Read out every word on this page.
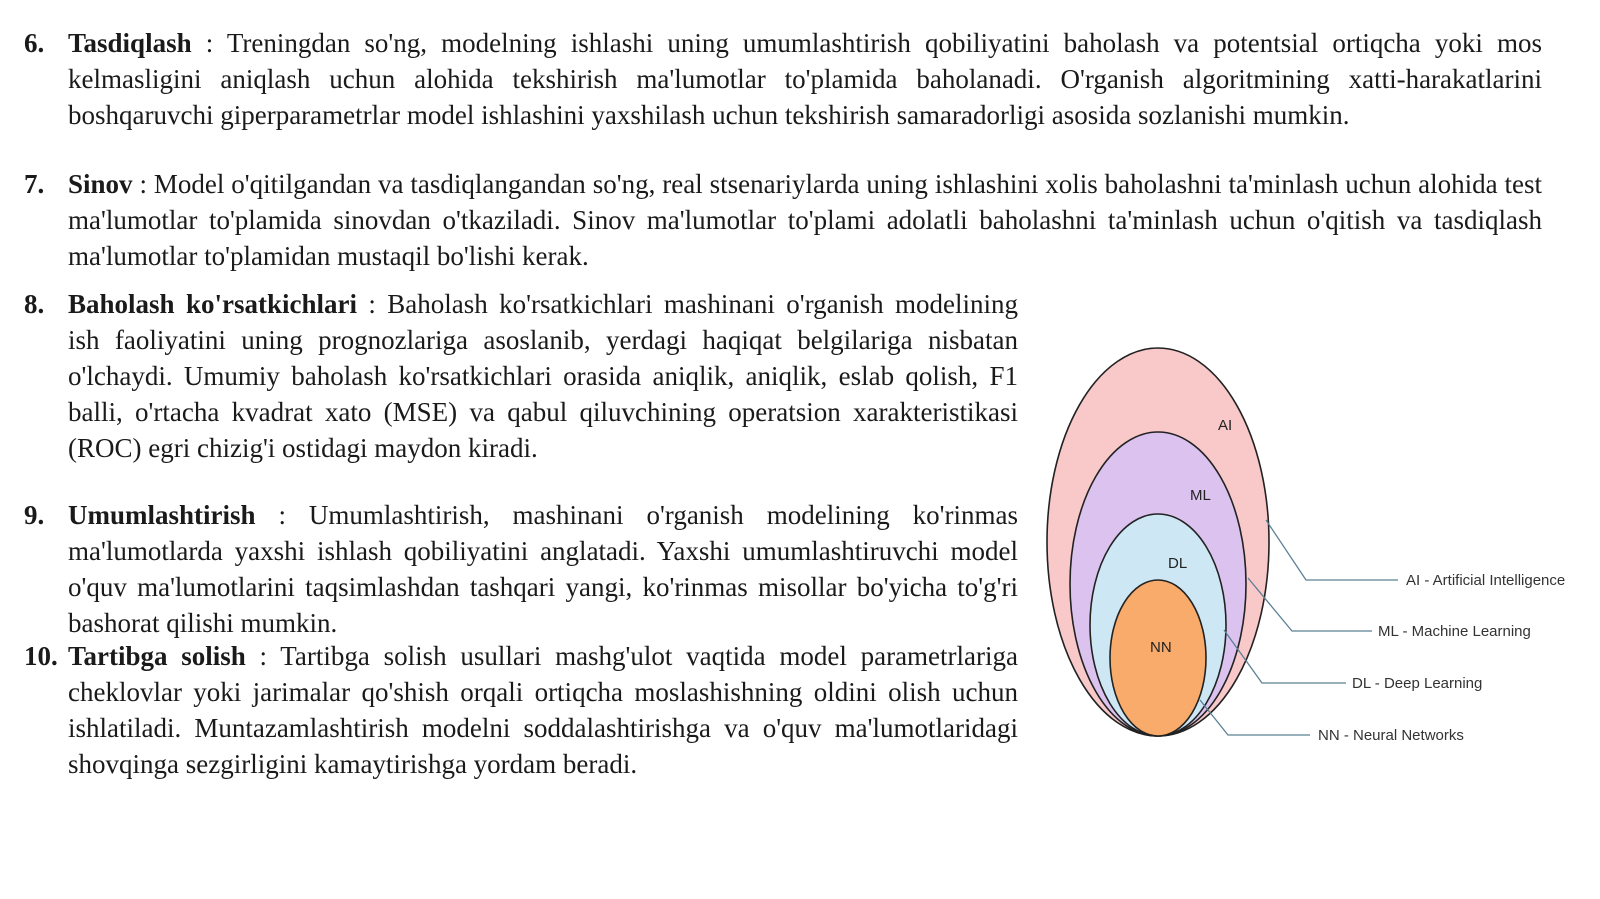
6. Tasdiqlash : Treningdan so'ng, modelning ishlashi uning umumlashtirish qobiliyatini baholash va potentsial ortiqcha yoki mos kelmasligini aniqlash uchun alohida tekshirish ma'lumotlar to'plamida baholanadi. O'rganish algoritmining xatti-harakatlarini boshqaruvchi giperparametrlar model ishlashini yaxshilash uchun tekshirish samaradorligi asosida sozlanishi mumkin.
7. Sinov : Model o'qitilgandan va tasdiqlangandan so'ng, real stsenariylarda uning ishlashini xolis baholashni ta'minlash uchun alohida test ma'lumotlar to'plamida sinovdan o'tkaziladi. Sinov ma'lumotlar to'plami adolatli baholashni ta'minlash uchun o'qitish va tasdiqlash ma'lumotlar to'plamidan mustaqil bo'lishi kerak.
8. Baholash ko'rsatkichlari : Baholash ko'rsatkichlari mashinani o'rganish modelining ish faoliyatini uning prognozlariga asoslanib, yerdagi haqiqat belgilariga nisbatan o'lchaydi. Umumiy baholash ko'rsatkichlari orasida aniqlik, aniqlik, eslab qolish, F1 balli, o'rtacha kvadrat xato (MSE) va qabul qiluvchining operatsion xarakteristikasi (ROC) egri chizig'i ostidagi maydon kiradi.
9. Umumlashtirish : Umumlashtirish, mashinani o'rganish modelining ko'rinmas ma'lumotlarda yaxshi ishlash qobiliyatini anglatadi. Yaxshi umumlashtiruvchi model o'quv ma'lumotlarini taqsimlashdan tashqari yangi, ko'rinmas misollar bo'yicha to'g'ri bashorat qilishi mumkin.
10. Tartibga solish : Tartibga solish usullari mashg'ulot vaqtida model parametrlariga cheklovlar yoki jarimalar qo'shish orqali ortiqcha moslashishning oldini olish uchun ishlatiladi. Muntazamlashtirish modelni soddalashtirishga va o'quv ma'lumotlaridagi shovqinga sezgirligini kamaytirishga yordam beradi.
AI
ML
DL
NN
AI - Artificial Intelligence
ML - Machine Learning
DL - Deep Learning
NN - Neural Networks
